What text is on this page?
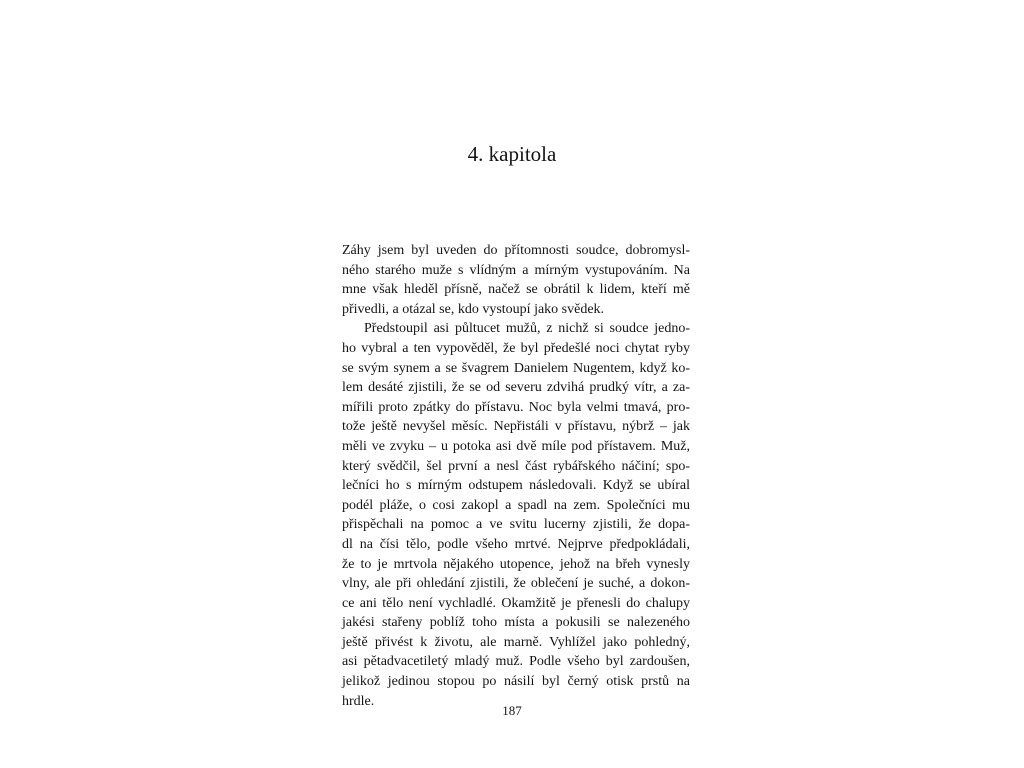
4. kapitola
Záhy jsem byl uveden do přítomnosti soudce, dobromysl-
ného starého muže s vlídným a mírným vystupováním. Na
mne však hleděl přísně, načež se obrátil k lidem, kteří mě
přivedli, a otázal se, kdo vystoupí jako svědek.
Předstoupil asi půltucet mužů, z nichž si soudce jedno-
ho vybral a ten vypověděl, že byl předešlé noci chytat ryby
se svým synem a se švagrem Danielem Nugentem, když ko-
lem desáté zjistili, že se od severu zdvihá prudký vítr, a za-
mířili proto zpátky do přístavu. Noc byla velmi tmavá, pro-
tože ještě nevyšel měsíc. Nepřistáli v přístavu, nýbrž – jak
měli ve zvyku – u potoka asi dvě míle pod přístavem. Muž,
který svědčil, šel první a nesl část rybářského náčiní; spo-
lečníci ho s mírným odstupem následovali. Když se ubíral
podél pláže, o cosi zakopl a spadl na zem. Společníci mu
přispěchali na pomoc a ve svitu lucerny zjistili, že dopa-
dl na čísi tělo, podle všeho mrtvé. Nejprve předpokládali,
že to je mrtvola nějakého utopence, jehož na břeh vynesly
vlny, ale při ohledání zjistili, že oblečení je suché, a dokon-
ce ani tělo není vychladlé. Okamžitě je přenesli do chalupy
jakési stařeny poblíž toho místa a pokusili se nalezeného
ještě přivést k životu, ale marně. Vyhlížel jako pohledný,
asi pětadvacetiletý mladý muž. Podle všeho byl zardoušen,
jelikož jedinou stopou po násilí byl černý otisk prstů na
hrdle.
187
